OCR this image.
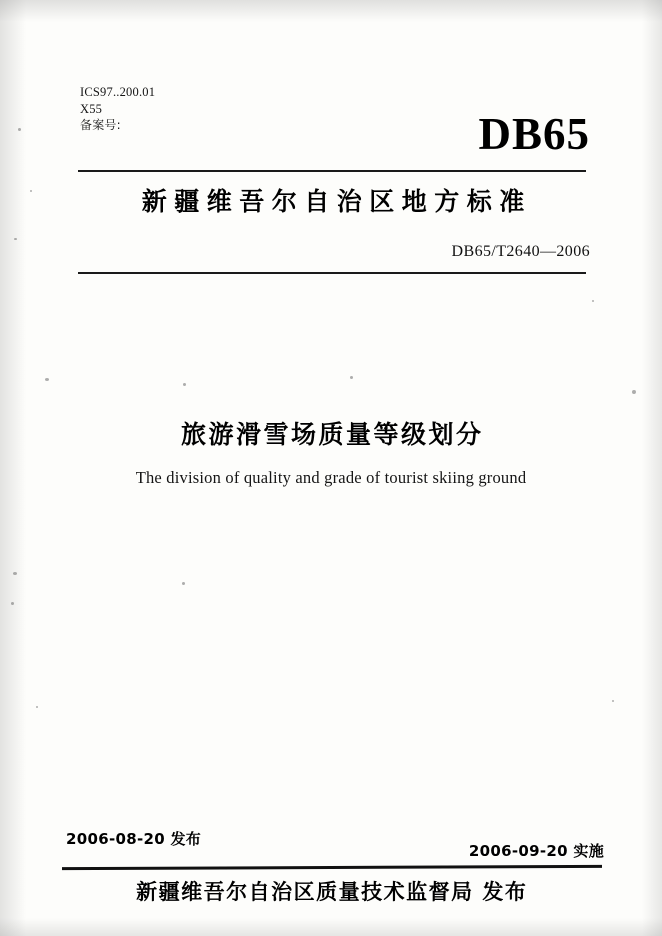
ICS97..200.01
X55
备案号:	DB65
新疆维吾尔自治区地方标准
DB65/T2640—2006
旅游滑雪场质量等级划分
The division of quality and grade of tourist skiing ground
2006-08-20 发布
2006-09-20 实施
新疆维吾尔自治区质量技术监督局 发布
